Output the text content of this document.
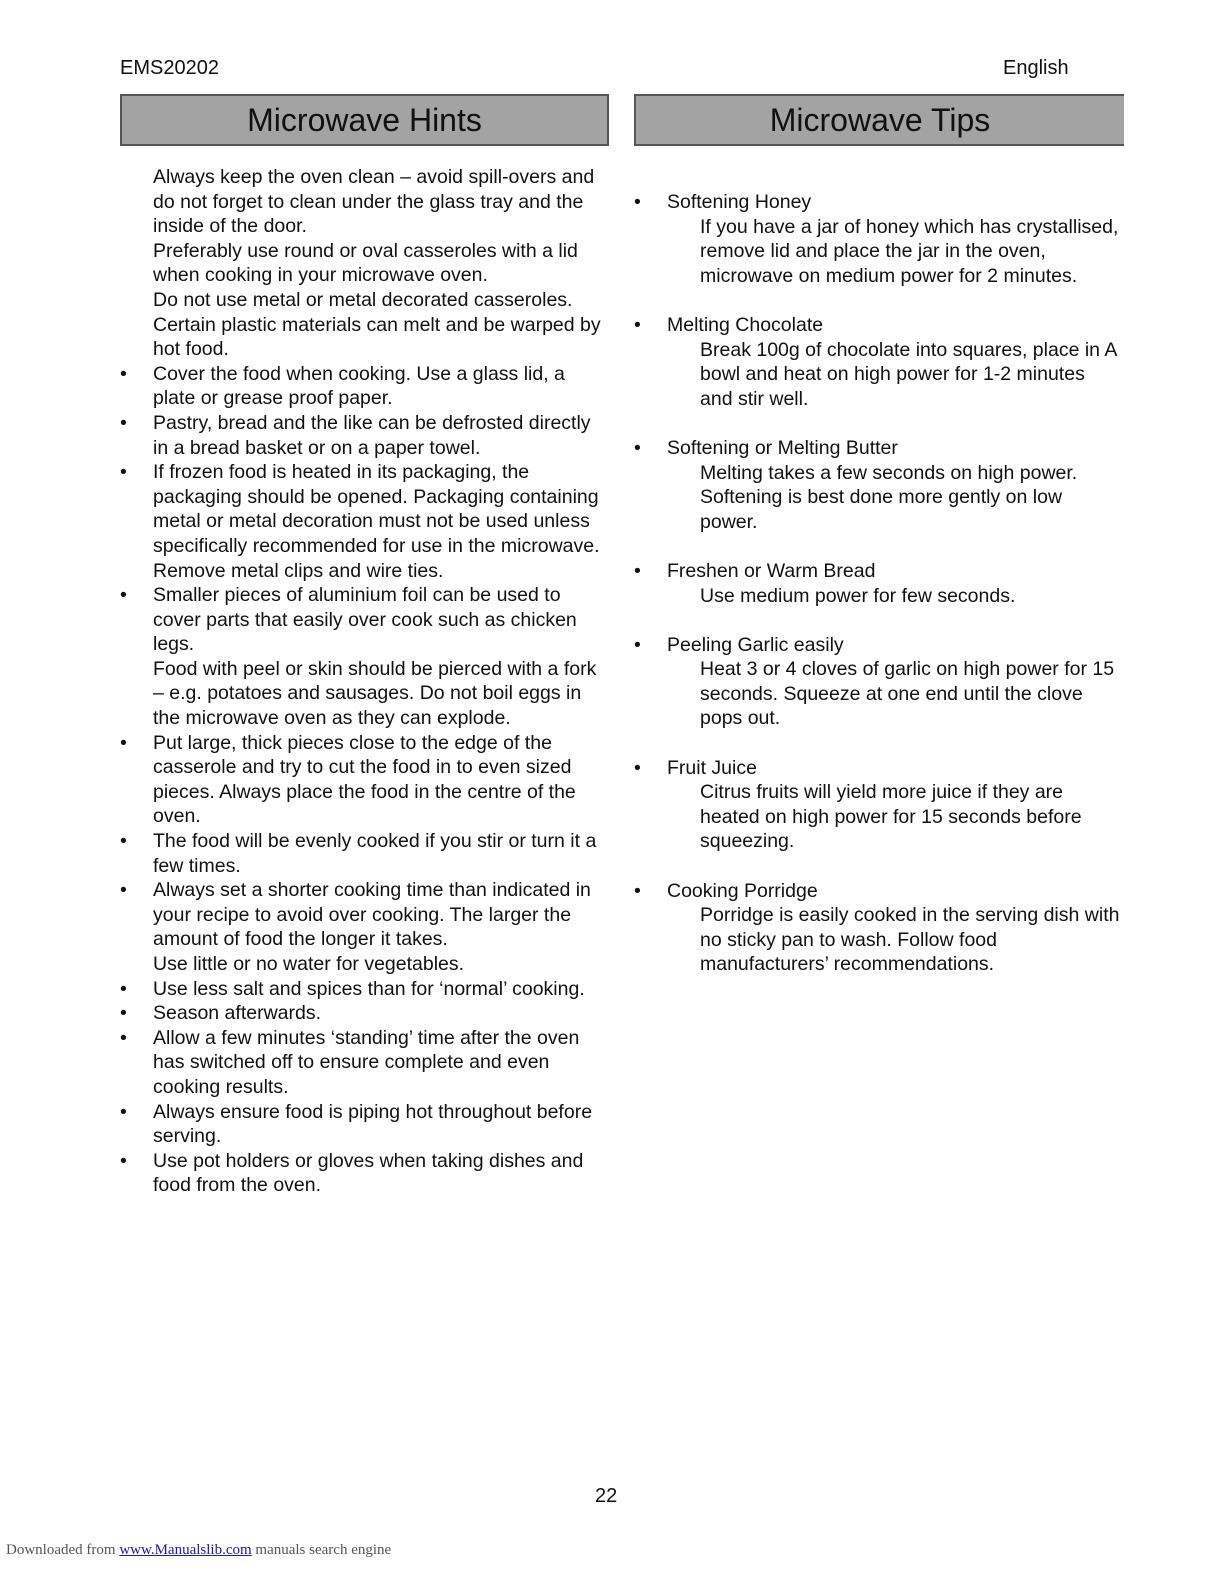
EMS20202	English
Microwave Hints	Microwave Tips
Always keep the oven clean – avoid spill-overs and do not forget to clean under the glass tray and the inside of the door.
Preferably use round or oval casseroles with a lid when cooking in your microwave oven.
Do not use metal or metal decorated casseroles.
Certain plastic materials can melt and be warped by hot food.
•	Cover the food when cooking. Use a glass lid, a plate or grease proof paper.
•	Pastry, bread and the like can be defrosted directly in a bread basket or on a paper towel.
•	If frozen food is heated in its packaging, the packaging should be opened. Packaging containing metal or metal decoration must not be used unless specifically recommended for use in the microwave. Remove metal clips and wire ties.
•	Smaller pieces of aluminium foil can be used to cover parts that easily over cook such as chicken legs.
Food with peel or skin should be pierced with a fork – e.g. potatoes and sausages. Do not boil eggs in the microwave oven as they can explode.
•	Put large, thick pieces close to the edge of the casserole and try to cut the food in to even sized pieces. Always place the food in the centre of the oven.
•	The food will be evenly cooked if you stir or turn it a few times.
•	Always set a shorter cooking time than indicated in your recipe to avoid over cooking. The larger the amount of food the longer it takes.
Use little or no water for vegetables.
•	Use less salt and spices than for ‘normal’ cooking.
•	Season afterwards.
•	Allow a few minutes ‘standing’ time after the oven has switched off to ensure complete and even cooking results.
•	Always ensure food is piping hot throughout before serving.
•	Use pot holders or gloves when taking dishes and food from the oven.
•	Softening Honey
If you have a jar of honey which has crystallised, remove lid and place the jar in the oven, microwave on medium power for 2 minutes.
•	Melting Chocolate
Break 100g of chocolate into squares, place in A bowl and heat on high power for 1-2 minutes and stir well.
•	Softening or Melting Butter
Melting takes a few seconds on high power. Softening is best done more gently on low power.
•	Freshen or Warm Bread
Use medium power for few seconds.
•	Peeling Garlic easily
Heat 3 or 4 cloves of garlic on high power for 15 seconds. Squeeze at one end until the clove pops out.
•	Fruit Juice
Citrus fruits will yield more juice if they are heated on high power for 15 seconds before squeezing.
•	Cooking Porridge
Porridge is easily cooked in the serving dish with no sticky pan to wash. Follow food manufacturers’ recommendations.
22
Downloaded from www.Manualslib.com manuals search engine
